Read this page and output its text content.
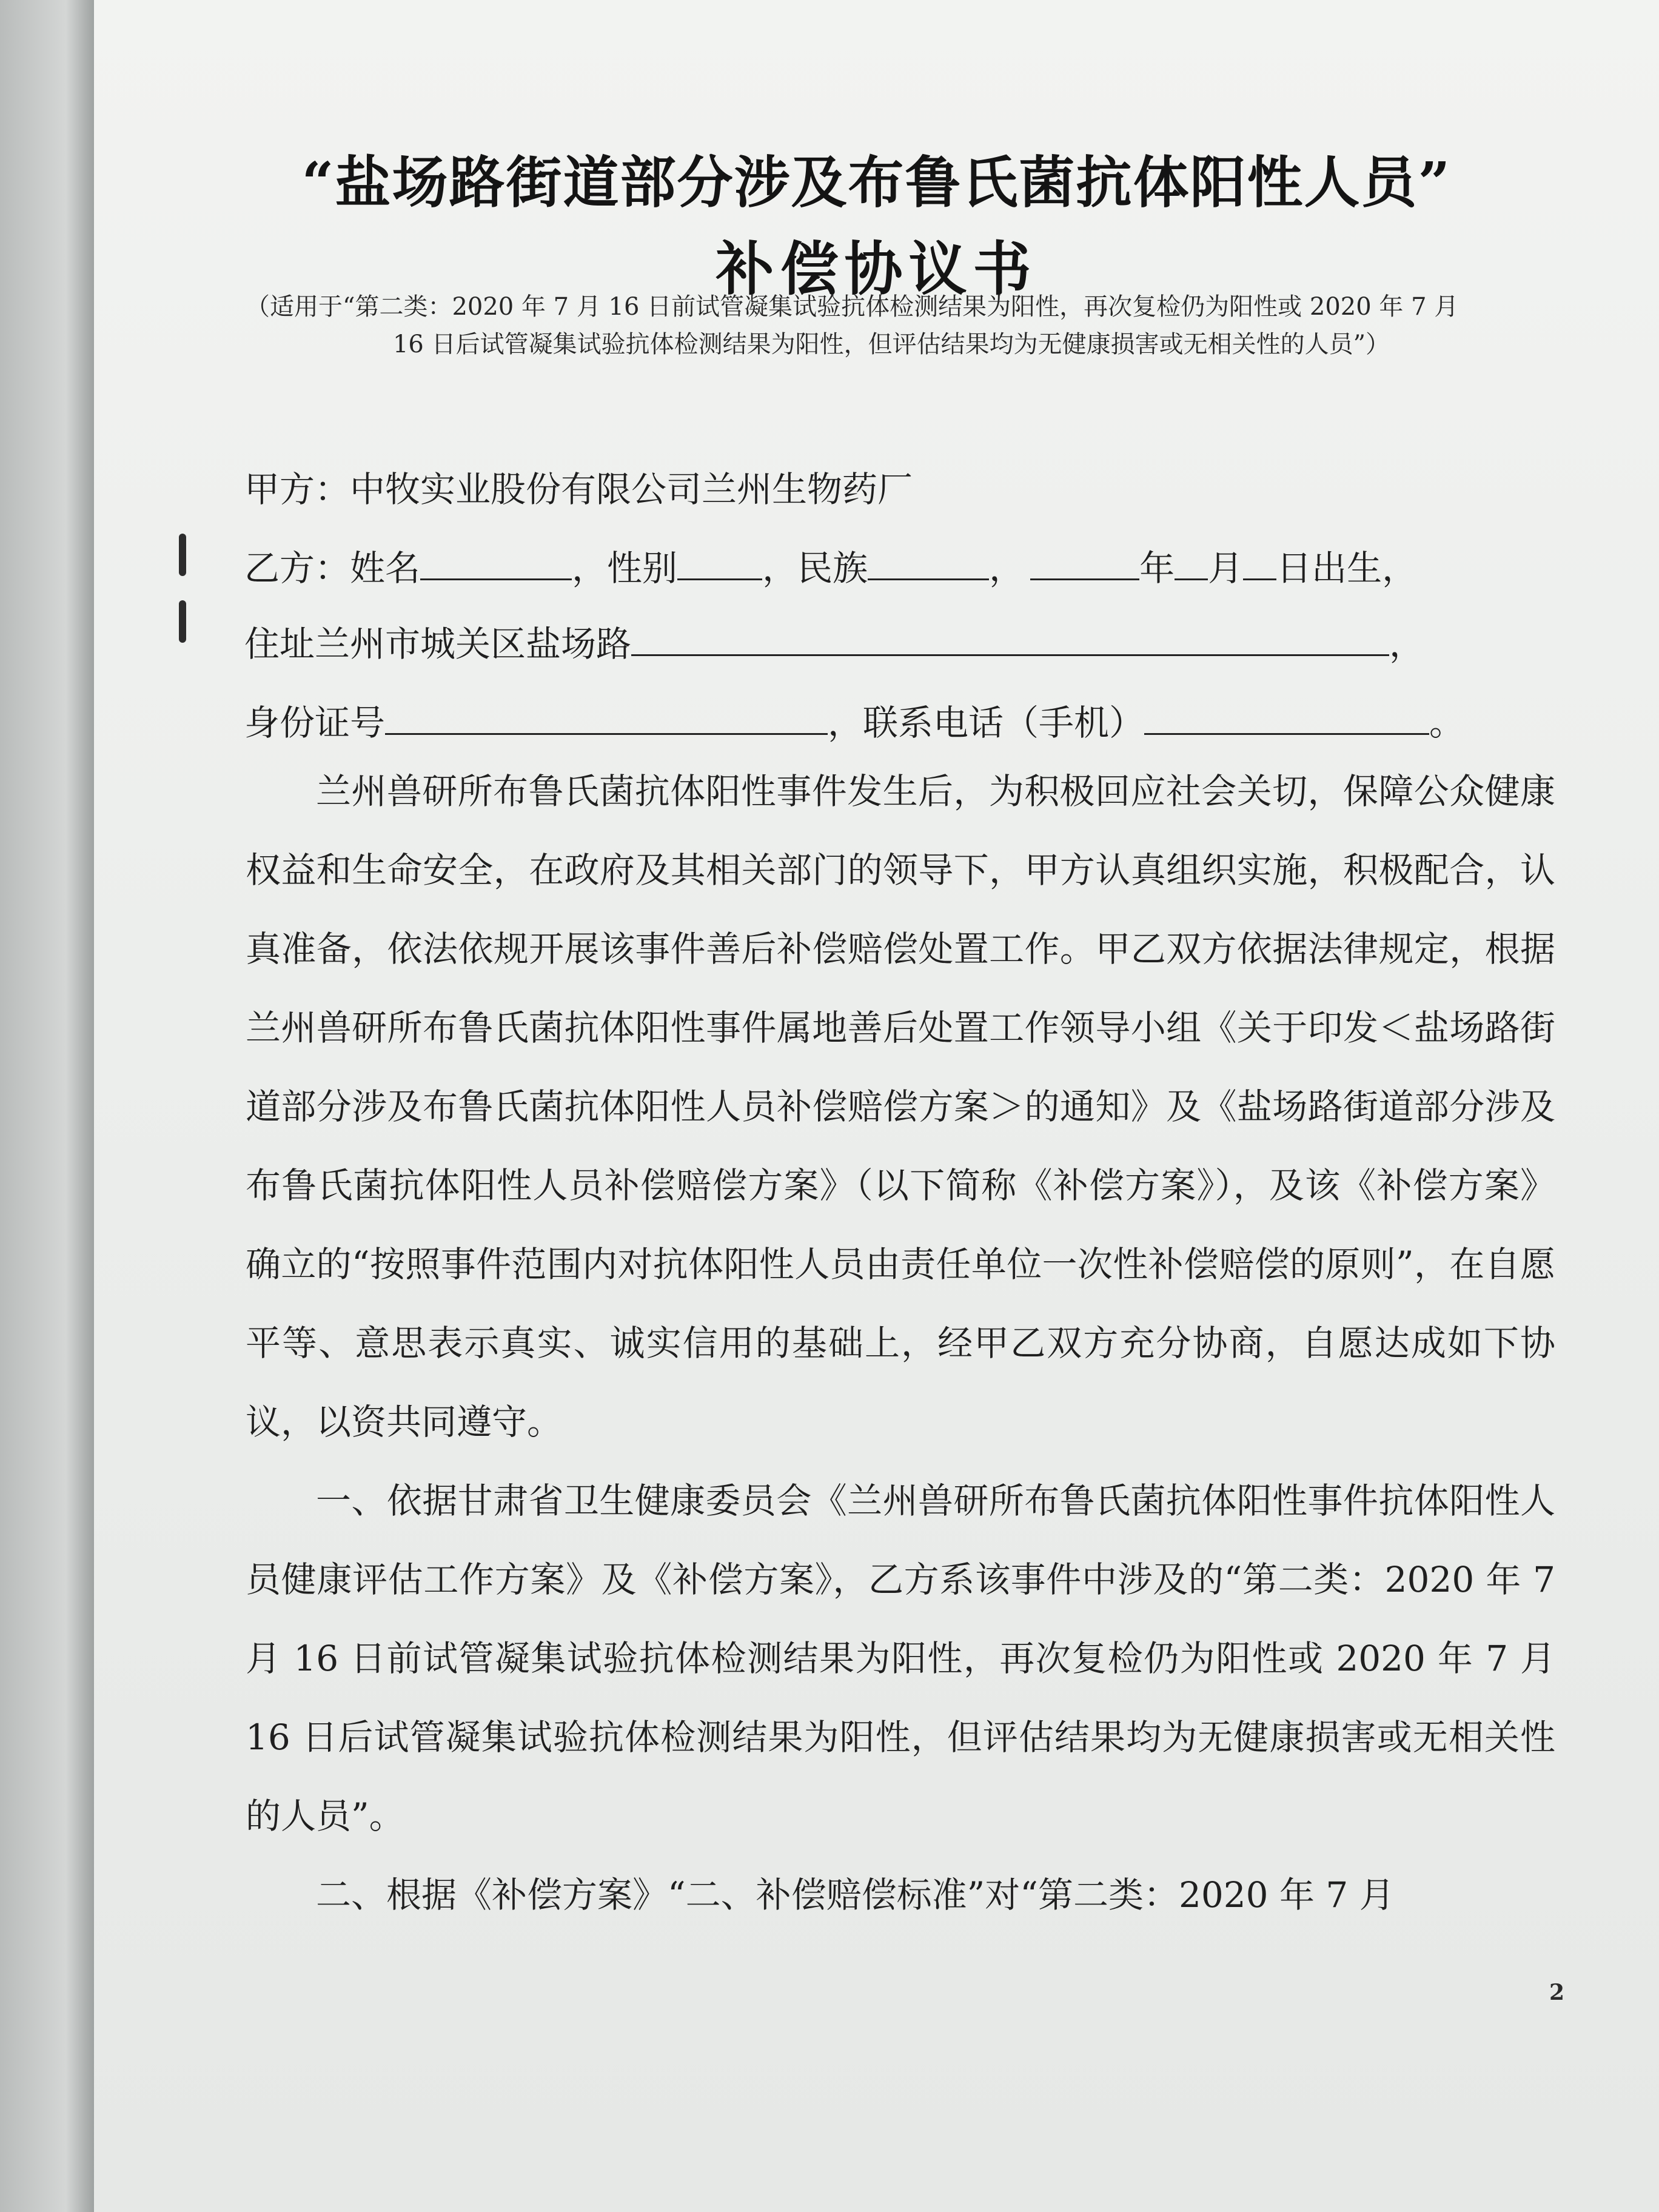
“盐场路街道部分涉及布鲁氏菌抗体阳性人员”
补偿协议书
（适用于“第二类：2020 年 7 月 16 日前试管凝集试验抗体检测结果为阳性，再次复检仍为阳性或 2020 年 7 月
16 日后试管凝集试验抗体检测结果为阳性，但评估结果均为无健康损害或无相关性的人员”）
甲方：中牧实业股份有限公司兰州生物药厂
乙方：姓名	，性别 ，民族	，	年 月 日出生，
住址兰州市城关区盐场路	，
身份证号	，联系电话（手机）	。

兰州兽研所布鲁氏菌抗体阳性事件发生后，为积极回应社会关切，保障公众健康权益和生命安全，在政府及其相关部门的领导下，甲方认真组织实施，积极配合，认真准备，依法依规开展该事件善后补偿赔偿处置工作。甲乙双方依据法律规定，根据兰州兽研所布鲁氏菌抗体阳性事件属地善后处置工作领导小组《关于印发＜盐场路街道部分涉及布鲁氏菌抗体阳性人员补偿赔偿方案＞的通知》及《盐场路街道部分涉及布鲁氏菌抗体阳性人员补偿赔偿方案》（以下简称《补偿方案》），及该《补偿方案》确立的“按照事件范围内对抗体阳性人员由责任单位一次性补偿赔偿的原则”，在自愿平等、意思表示真实、诚实信用的基础上，经甲乙双方充分协商，自愿达成如下协议，以资共同遵守。

一、依据甘肃省卫生健康委员会《兰州兽研所布鲁氏菌抗体阳性事件抗体阳性人员健康评估工作方案》及《补偿方案》，乙方系该事件中涉及的“第二类：2020 年 7 月 16 日前试管凝集试验抗体检测结果为阳性，再次复检仍为阳性或 2020 年 7 月 16 日后试管凝集试验抗体检测结果为阳性，但评估结果均为无健康损害或无相关性的人员”。

二、根据《补偿方案》“二、补偿赔偿标准”对“第二类：2020 年 7 月

2
